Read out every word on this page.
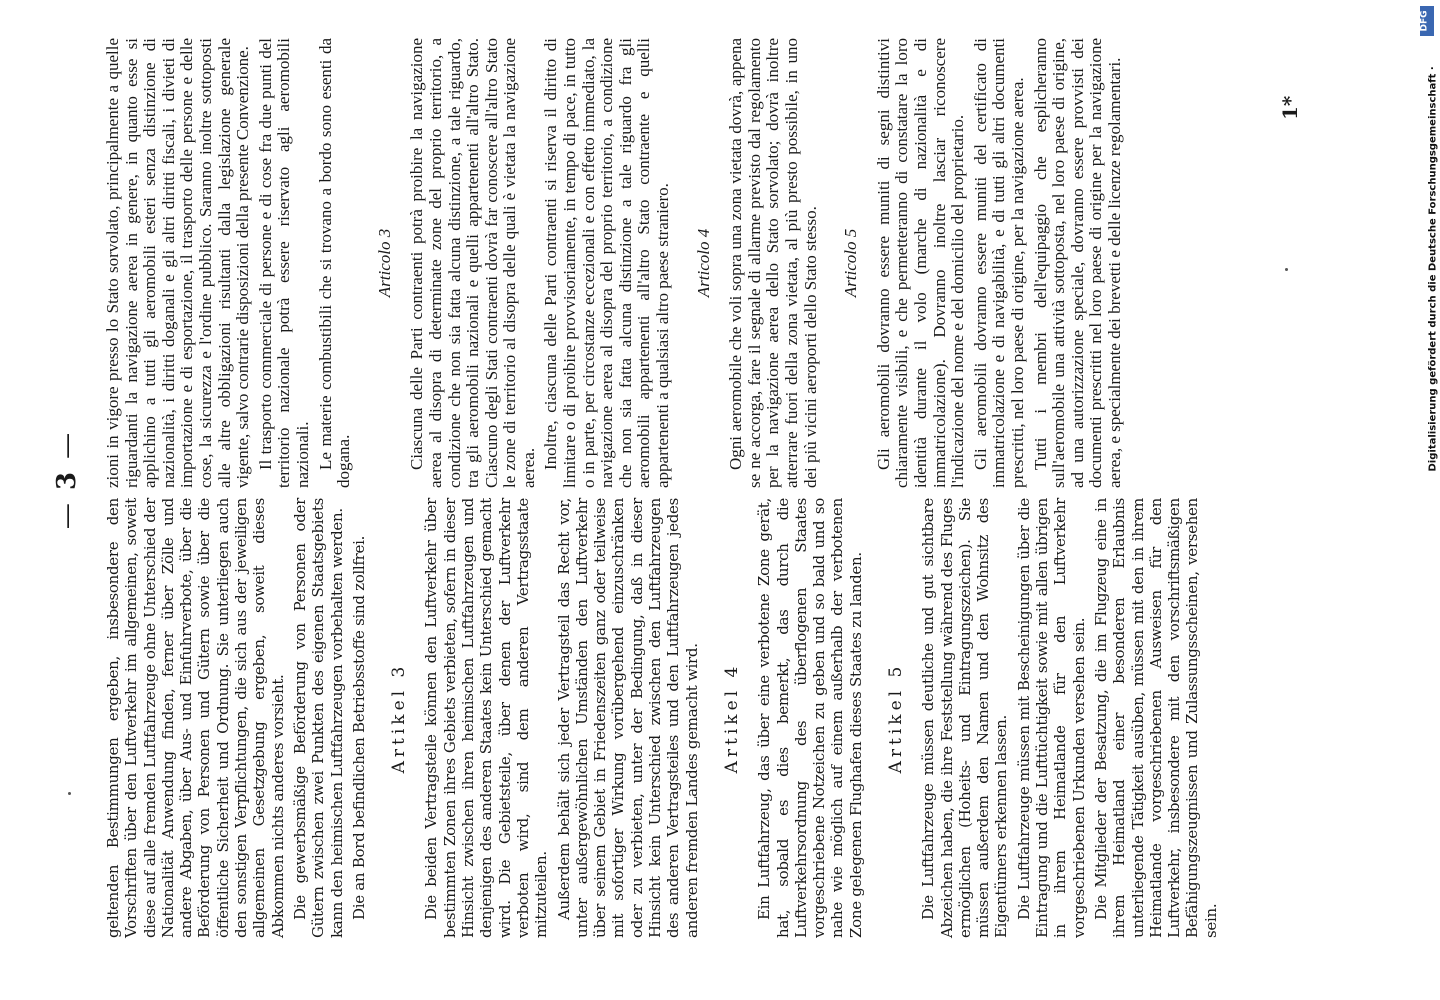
— 3 —

geltenden Bestimmungen ergeben, insbesondere den Vorschriften über den Luftverkehr im allgemeinen, soweit diese auf alle fremden Luftfahrzeuge ohne Unterschied der Nationalität Anwendung finden, ferner über Zölle und andere Abgaben, über Aus- und Einfuhrverbote, über die Beförderung von Personen und Gütern sowie über die öffentliche Sicherheit und Ordnung. Sie unterliegen auch den sonstigen Verpflichtungen, die sich aus der jeweiligen allgemeinen Gesetzgebung ergeben, soweit dieses Abkommen nichts anderes vorsieht. Die gewerbsmäßige Beförderung von Personen oder Gütern zwischen zwei Punkten des eigenen Staatsgebiets kann den heimischen Luftfahrzeugen vorbehalten werden. Die an Bord befindlichen Betriebsstoffe sind zollfrei. Artikel 3 Die beiden Vertragsteile können den Luftverkehr über bestimmten Zonen ihres Gebiets verbieten, sofern in dieser Hinsicht zwischen ihren heimischen Luftfahrzeugen und denjenigen des anderen Staates kein Unterschied gemacht wird. Die Gebietsteile, über denen der Luftverkehr verboten wird, sind dem anderen Vertragsstaate mitzuteilen. Außerdem behält sich jeder Vertragsteil das Recht vor, unter außergewöhnlichen Umständen den Luftverkehr über seinem Gebiet in Friedenszeiten ganz oder teilweise mit sofortiger Wirkung vorübergehend einzuschränken oder zu verbieten, unter der Bedingung, daß in dieser Hinsicht kein Unterschied zwischen den Luftfahrzeugen des anderen Vertragsteiles und den Luftfahrzeugen jedes anderen fremden Landes gemacht wird. Artikel 4 Ein Luftfahrzeug, das über eine verbotene Zone gerät, hat, sobald es dies bemerkt, das durch die Luftverkehrsordnung des überflogenen Staates vorgeschriebene Notzeichen zu geben und so bald und so nahe wie möglich auf einem außerhalb der verbotenen Zone gelegenen Flughafen dieses Staates zu landen. Artikel 5 Die Luftfahrzeuge müssen deutliche und gut sichtbare Abzeichen haben, die ihre Feststellung während des Fluges ermöglichen (Hoheits- und Eintragungszeichen). Sie müssen außerdem den Namen und den Wohnsitz des Eigentümers erkennen lassen. Die Luftfahrzeuge müssen mit Bescheinigungen über die Eintragung und die Lufttüchtigkeit sowie mit allen übrigen in ihrem Heimatlande für den Luftverkehr vorgeschriebenen Urkunden versehen sein. Die Mitglieder der Besatzung, die im Flugzeug eine in ihrem Heimatland einer besonderen Erlaubnis unterliegende Tätigkeit ausüben, müssen mit den in ihrem Heimatlande vorgeschriebenen Ausweisen für den Luftverkehr, insbesondere mit den vorschriftsmäßigen Befähigungszeugnissen und Zulassungsscheinen, versehen sein.

zioni in vigore presso lo Stato sorvolato, principalmente a quelle riguardanti la navigazione aerea in genere, in quanto esse si applichino a tutti gli aeromobili esteri senza distinzione di nazionalità, i diritti doganali e gli altri diritti fiscali, i divieti di importazione e di esportazione, il trasporto delle persone e delle cose, la sicurezza e l'ordine pubblico. Saranno inoltre sottoposti alle altre obbligazioni risultanti dalla legislazione generale vigente, salvo contrarie disposizioni della presente Convenzione. Il trasporto commerciale di persone e di cose fra due punti del territorio nazionale potrà essere riservato agli aeromobili nazionali. Le materie combustibili che si trovano a bordo sono esenti da dogana.

Articolo 3 Ciascuna delle Parti contraenti potrà proibire la navigazione aerea al disopra di determinate zone del proprio territorio, a condizione che non sia fatta alcuna distinzione, a tale riguardo, tra gli aeromobili nazionali e quelli appartenenti all'altro Stato. Ciascuno degli Stati contraenti dovrà far conoscere all'altro Stato le zone di territorio al disopra delle quali è vietata la navigazione aerea. Inoltre, ciascuna delle Parti contraenti si riserva il diritto di limitare o di proibire provvisoriamente, in tempo di pace, in tutto o in parte, per circostanze eccezionali e con effetto immediato, la navigazione aerea al disopra del proprio territorio, a condizione che non sia fatta alcuna distinzione a tale riguardo fra gli aeromobili appartenenti all'altro Stato contraente e quelli appartenenti a qualsiasi altro paese straniero. Articolo 4 Ogni aeromobile che voli sopra una zona vietata dovrà, appena se ne accorga, fare il segnale di allarme previsto dal regolamento per la navigazione aerea dello Stato sorvolato; dovrà inoltre atterrare fuori della zona vietata, al più presto possibile, in uno dei più vicini aeroporti dello Stato stesso. Articolo 5 Gli aeromobili dovranno essere muniti di segni distintivi chiaramente visibili, e che permetteranno di constatare la loro identità durante il volo (marche di nazionalità e di immatricolazione). Dovranno inoltre lasciar riconoscere l'indicazione del nome e del domicilio del proprietario. Gli aeromobili dovranno essere muniti del certificato di immatricolazione e di navigabilità, e di tutti gli altri documenti prescritti, nel loro paese di origine, per la navigazione aerea. Tutti i membri dell'equipaggio che esplicheranno sull'aeromobile una attività sottoposta, nel loro paese di origine, ad una autorizzazione speciale, dovranno essere provvisti dei documenti prescritti nel loro paese di origine per la navigazione aerea, e specialmente dei brevetti e delle licenze regolamentari.	1*
DFG
Digitalisierung gefördert durch die Deutsche Forschungsgemeinschaft ·
